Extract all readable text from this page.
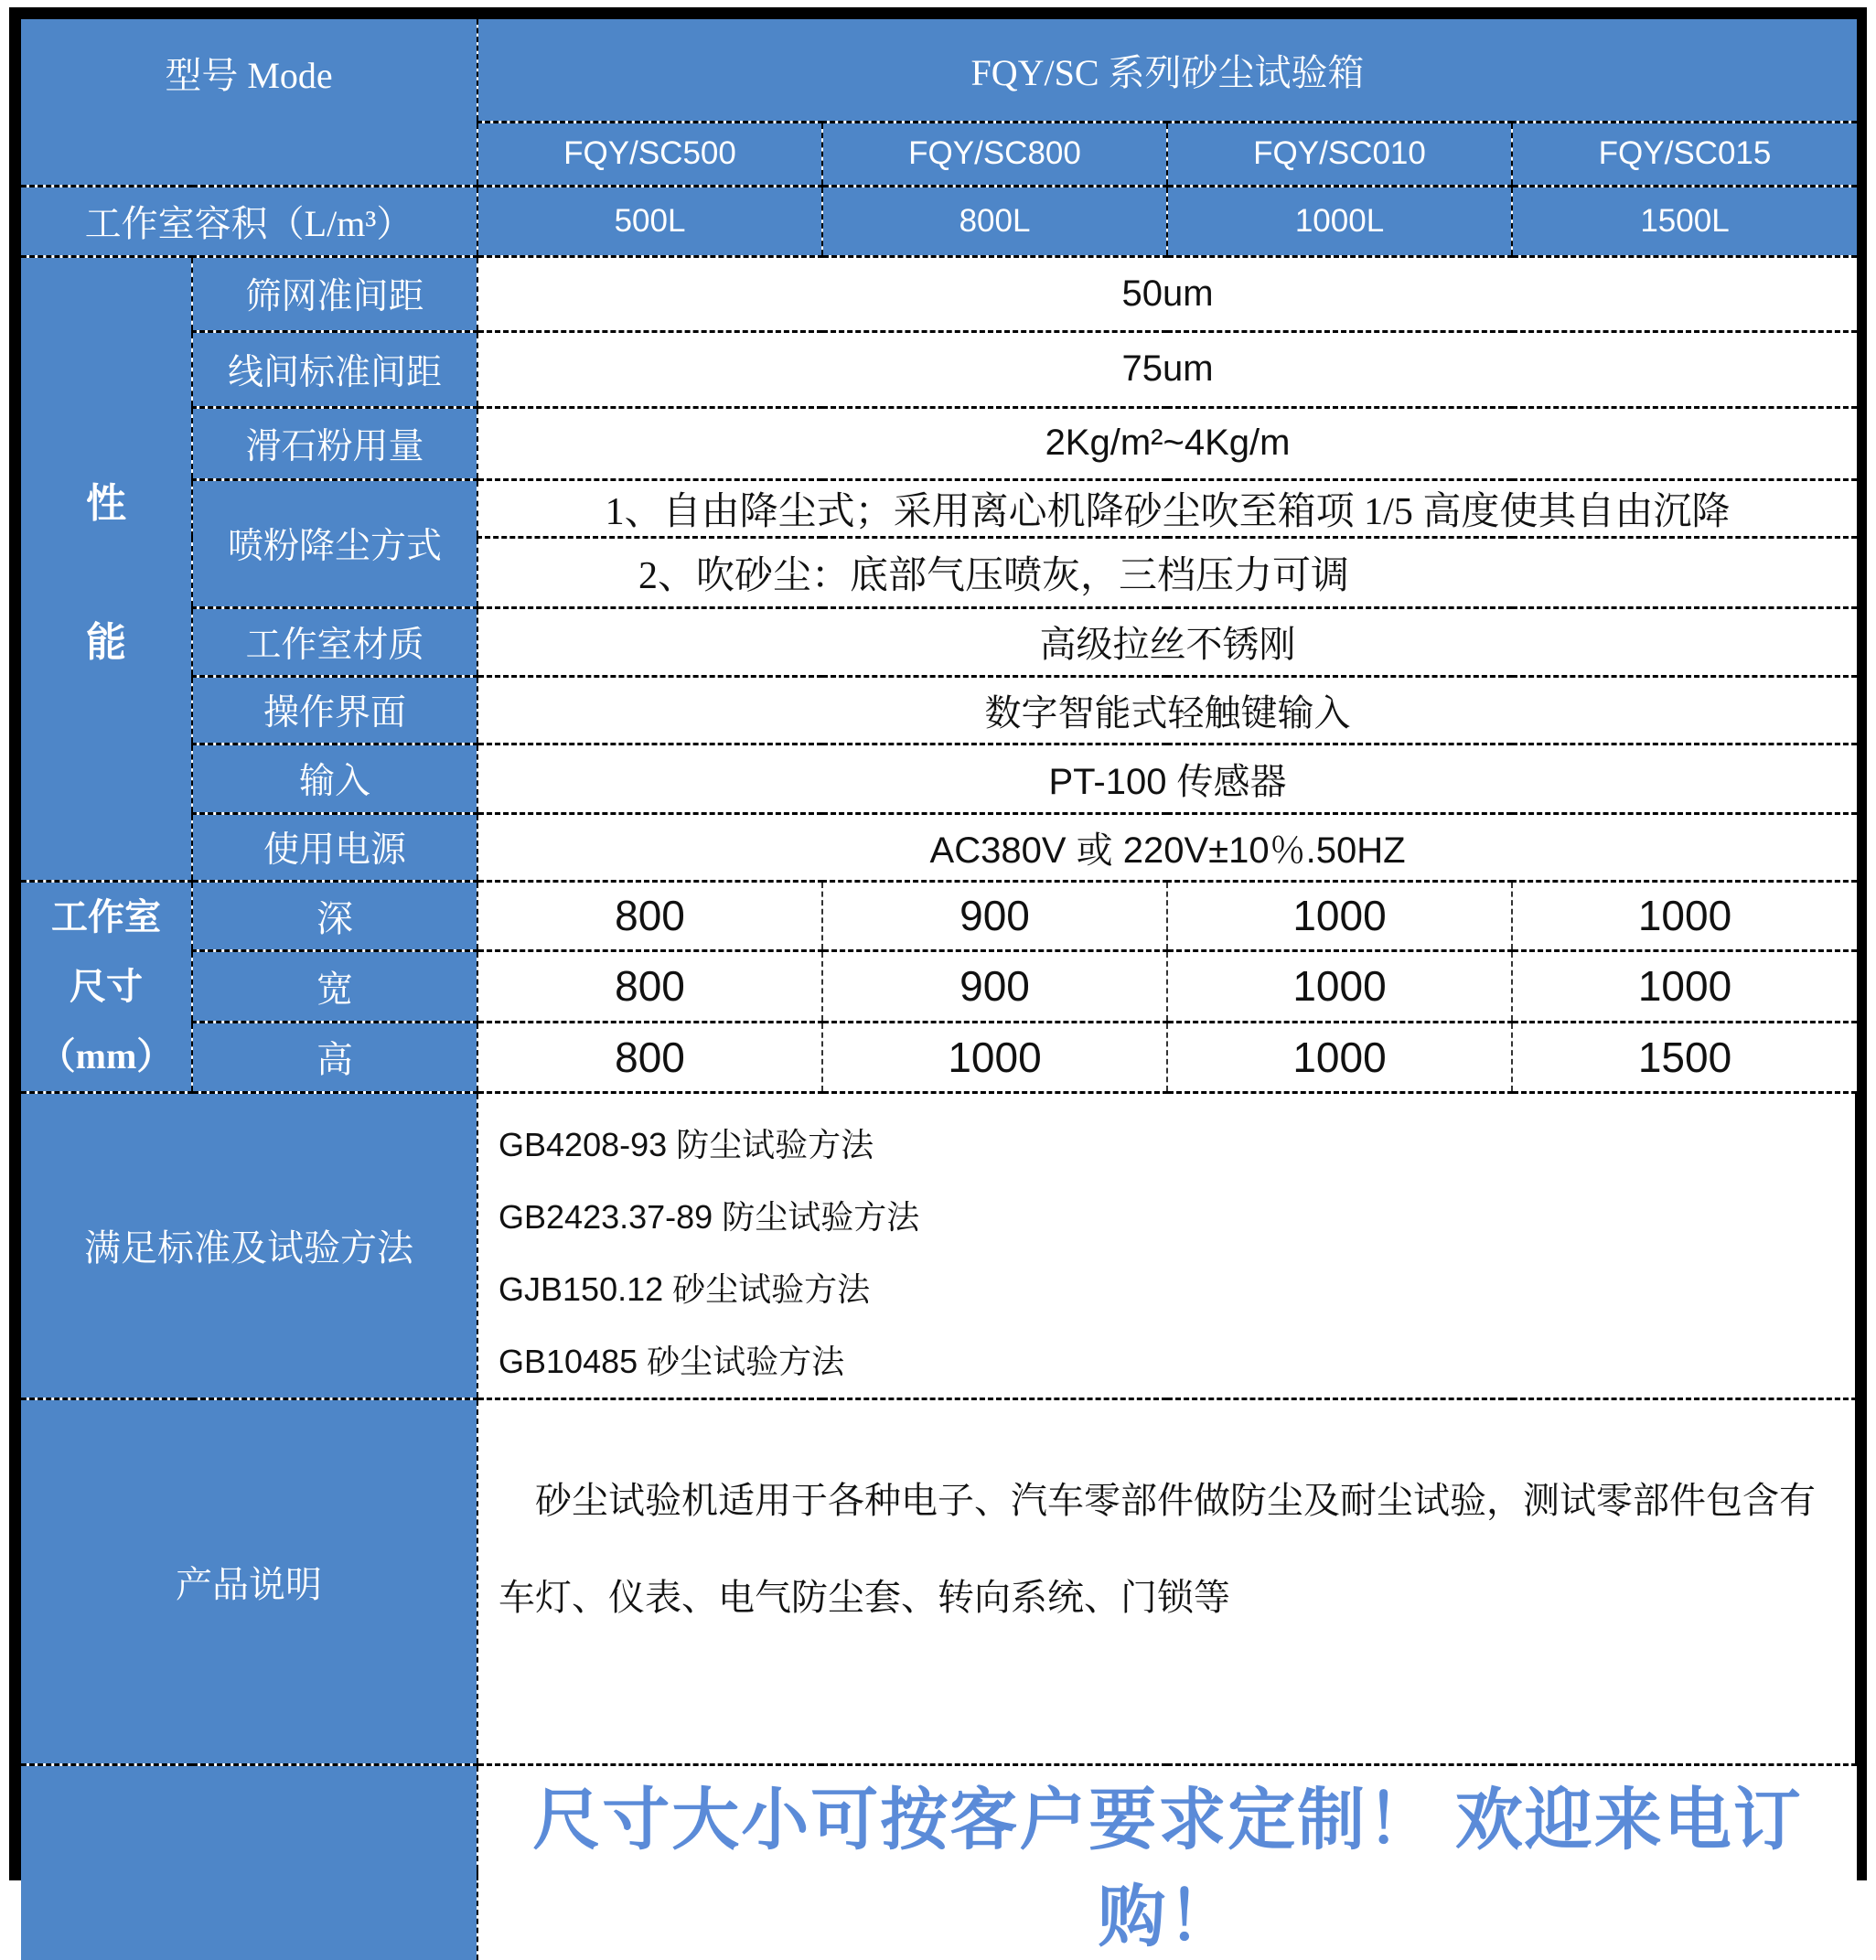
型号 Mode		FQY/SC 系列砂尘试验箱			
		FQY/SC500	FQY/SC800	FQY/SC010	FQY/SC015
工作室容积（L/m³）		500L	800L	1000L	1500L

性
能	筛网准间距	50um			
	线间标准间距	75um			
	滑石粉用量	2Kg/m²~4Kg/m			
	喷粉降尘方式	1、自由降尘式；采用离心机降砂尘吹至箱项 1/5 高度使其自由沉降			
		2、吹砂尘：底部气压喷灰，三档压力可调			
	工作室材质	高级拉丝不锈刚			
	操作界面	数字智能式轻触键输入			
	输入	PT-100 传感器			
	使用电源	AC380V 或 220V±10％.50HZ			

工作室
尺寸
（mm）	深	800	900	1000	1000
	宽	800	900	1000	1000
	高	800	1000	1000	1500
满足标准及试验方法		GB4208-93 防尘试验方法
GB2423.37-89 防尘试验方法
GJB150.12 砂尘试验方法
GB10485 砂尘试验方法			

产品说明		砂尘试验机适用于各种电子、汽车零部件做防尘及耐尘试验，测试零部件包含有车灯、仪表、电气防尘套、转向系统、门锁等			

		尺寸大小可按客户要求定制！ 欢迎来电订购！			
